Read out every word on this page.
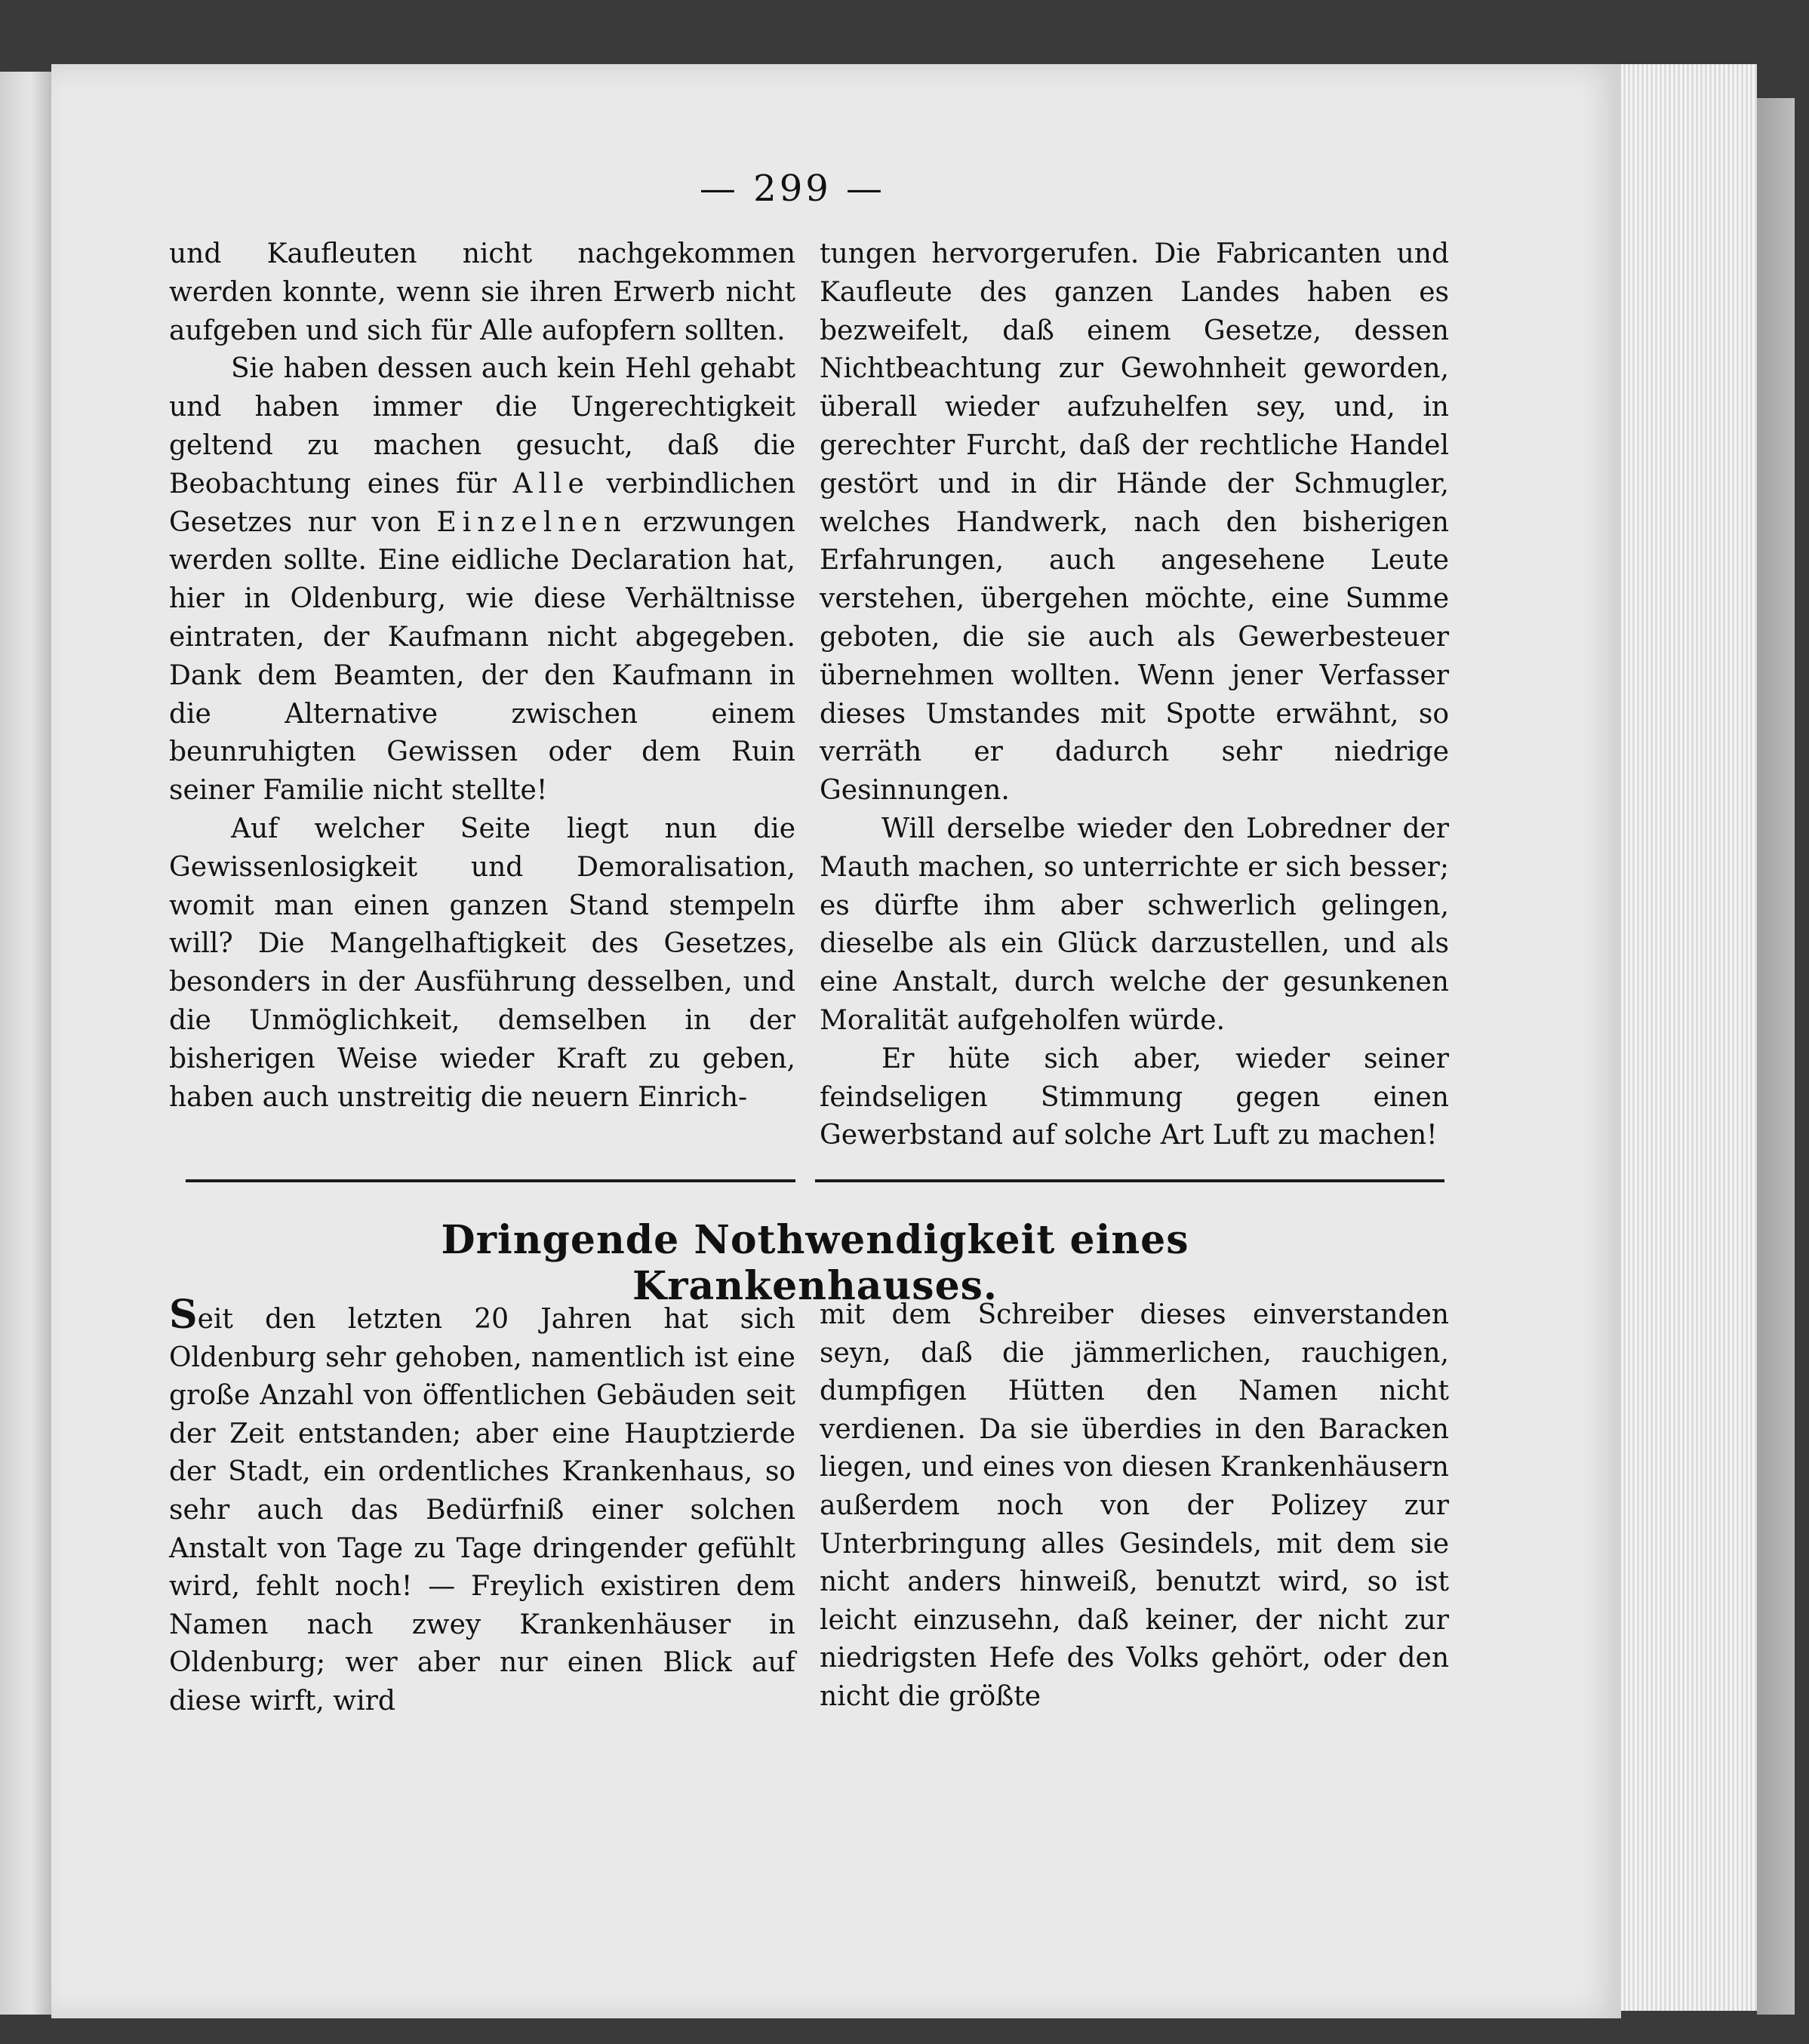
— 299 —

und Kaufleuten nicht nachgekommen werden konnte, wenn sie ihren Erwerb nicht aufgeben und sich für Alle aufopfern sollten.

Sie haben dessen auch kein Hehl gehabt und haben immer die Ungerechtigkeit geltend zu machen gesucht, daß die Beobachtung eines für Alle verbindlichen Gesetzes nur von Einzelnen erzwungen werden sollte. Eine eidliche Declaration hat, hier in Oldenburg, wie diese Verhältnisse eintraten, der Kaufmann nicht abgegeben. Dank dem Beamten, der den Kaufmann in die Alternative zwischen einem beunruhigten Gewissen oder dem Ruin seiner Familie nicht stellte!

Auf welcher Seite liegt nun die Gewissenlosigkeit und Demoralisation, womit man einen ganzen Stand stempeln will? Die Mangelhaftigkeit des Gesetzes, besonders in der Ausführung desselben, und die Unmöglichkeit, demselben in der bisherigen Weise wieder Kraft zu geben, haben auch unstreitig die neuern Einrich-

tungen hervorgerufen. Die Fabricanten und Kaufleute des ganzen Landes haben es bezweifelt, daß einem Gesetze, dessen Nichtbeachtung zur Gewohnheit geworden, überall wieder aufzuhelfen sey, und, in gerechter Furcht, daß der rechtliche Handel gestört und in dir Hände der Schmugler, welches Handwerk, nach den bisherigen Erfahrungen, auch angesehene Leute verstehen, übergehen möchte, eine Summe geboten, die sie auch als Gewerbesteuer übernehmen wollten. Wenn jener Verfasser dieses Umstandes mit Spotte erwähnt, so verräth er dadurch sehr niedrige Gesinnungen.

Will derselbe wieder den Lobredner der Mauth machen, so unterrichte er sich besser; es dürfte ihm aber schwerlich gelingen, dieselbe als ein Glück darzustellen, und als eine Anstalt, durch welche der gesunkenen Moralität aufgeholfen würde.

Er hüte sich aber, wieder seiner feindseligen Stimmung gegen einen Gewerbstand auf solche Art Luft zu machen!

Dringende Nothwendigkeit eines Krankenhauses.

Seit den letzten 20 Jahren hat sich Oldenburg sehr gehoben, namentlich ist eine große Anzahl von öffentlichen Gebäuden seit der Zeit entstanden; aber eine Hauptzierde der Stadt, ein ordentliches Krankenhaus, so sehr auch das Bedürfniß einer solchen Anstalt von Tage zu Tage dringender gefühlt wird, fehlt noch! — Freylich existiren dem Namen nach zwey Krankenhäuser in Oldenburg; wer aber nur einen Blick auf diese wirft, wird

mit dem Schreiber dieses einverstanden seyn, daß die jämmerlichen, rauchigen, dumpfigen Hütten den Namen nicht verdienen. Da sie überdies in den Baracken liegen, und eines von diesen Krankenhäusern außerdem noch von der Polizey zur Unterbringung alles Gesindels, mit dem sie nicht anders hinweiß, benutzt wird, so ist leicht einzusehn, daß keiner, der nicht zur niedrigsten Hefe des Volks gehört, oder den nicht die größte
